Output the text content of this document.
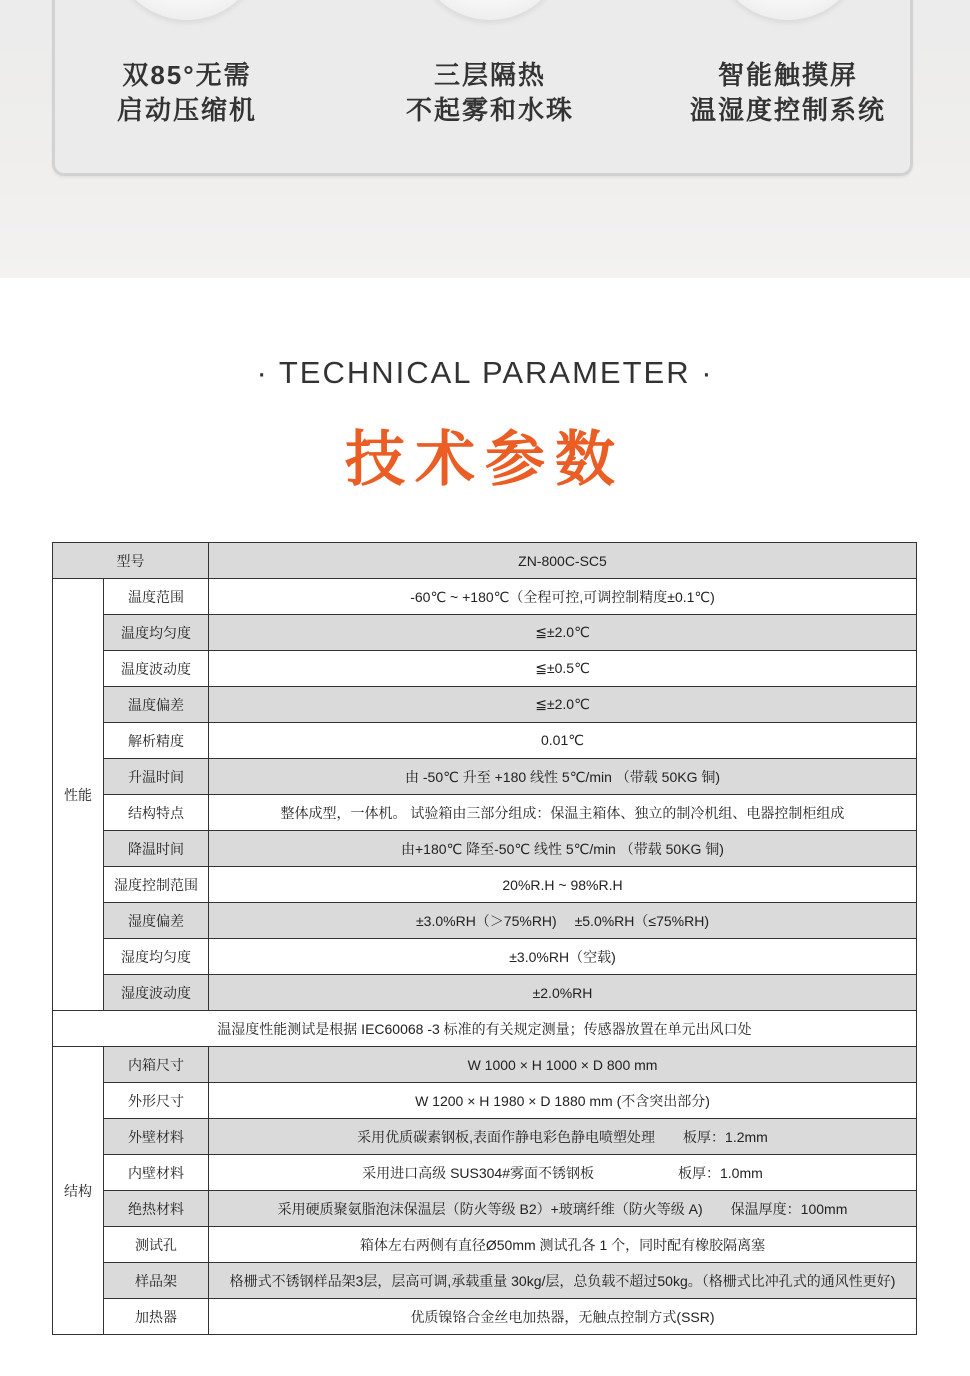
双85°无需
启动压缩机
三层隔热
不起雾和水珠
智能触摸屏
温湿度控制系统
· TECHNICAL PARAMETER ·
技术参数
型号		ZN-800C-SC5
性能	温度范围	-60℃ ~ +180℃（全程可控,可调控制精度±0.1℃)
	温度均匀度	≦±2.0℃
	温度波动度	≦±0.5℃
	温度偏差	≦±2.0℃
	解析精度	0.01℃
	升温时间	由 -50℃ 升至 +180 线性 5℃/min （带载 50KG 铜)
	结构特点	整体成型，一体机。 试验箱由三部分组成：保温主箱体、独立的制冷机组、电器控制柜组成
	降温时间	由+180℃ 降至-50℃ 线性 5℃/min （带载 50KG 铜)
	湿度控制范围	20%R.H ~ 98%R.H
	湿度偏差	±3.0%RH（＞75%RH)　 ±5.0%RH（≤75%RH)
	湿度均匀度	±3.0%RH（空载)
	湿度波动度	±2.0%RH
温湿度性能测试是根据 IEC60068 -3 标准的有关规定测量；传感器放置在单元出风口处		
结构	内箱尺寸	W 1000 × H 1000 × D 800 mm
	外形尺寸	W 1200 × H 1980 × D 1880 mm (不含突出部分)
	外壁材料	采用优质碳素钢板,表面作静电彩色静电喷塑处理　　板厚：1.2mm
	内壁材料	采用进口高级 SUS304#雾面不锈钢板　　　　　　板厚：1.0mm
	绝热材料	采用硬质聚氨脂泡沫保温层（防火等级 B2）+玻璃纤维（防火等级 A)　　保温厚度：100mm
	测试孔	箱体左右两侧有直径Ø50mm 测试孔各 1 个，同时配有橡胶隔离塞
	样品架	格栅式不锈钢样品架3层，层高可调,承载重量 30kg/层，总负载不超过50kg。（格栅式比冲孔式的通风性更好)
	加热器	优质镍铬合金丝电加热器，无触点控制方式(SSR)
